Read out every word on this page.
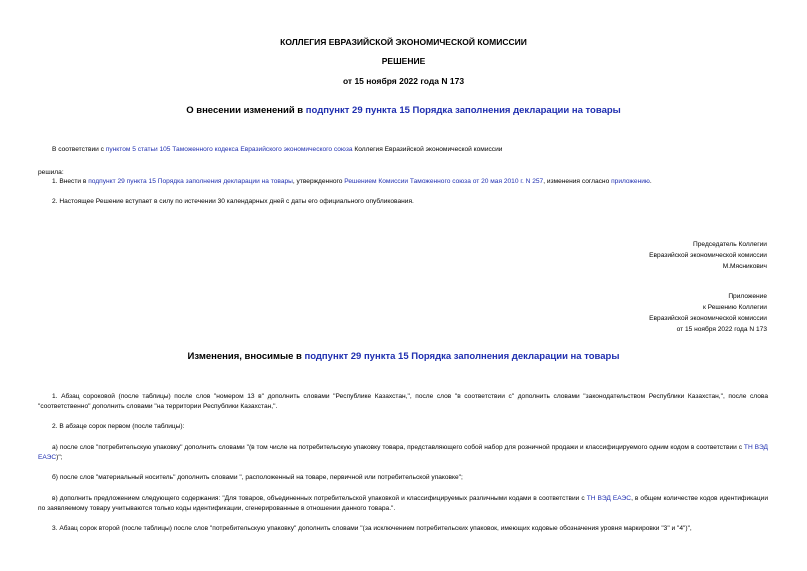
КОЛЛЕГИЯ ЕВРАЗИЙСКОЙ ЭКОНОМИЧЕСКОЙ КОМИССИИ
РЕШЕНИЕ
от 15 ноября 2022 года N 173
О внесении изменений в подпункт 29 пункта 15 Порядка заполнения декларации на товары
В соответствии с пунктом 5 статьи 105 Таможенного кодекса Евразийского экономического союза Коллегия Евразийской экономической комиссии
решила:
1. Внести в подпункт 29 пункта 15 Порядка заполнения декларации на товары, утвержденного Решением Комиссии Таможенного союза от 20 мая 2010 г. N 257, изменения согласно приложению.
2. Настоящее Решение вступает в силу по истечении 30 календарных дней с даты его официального опубликования.
Председатель Коллегии
Евразийской экономической комиссии
М.Мясникович
Приложение
к Решению Коллегии
Евразийской экономической комиссии
от 15 ноября 2022 года N 173
Изменения, вносимые в подпункт 29 пункта 15 Порядка заполнения декларации на товары
1. Абзац сороковой (после таблицы) после слов "номером 13 в" дополнить словами "Республике Казахстан,", после слов "в соответствии с" дополнить словами "законодательством Республики Казахстан,", после слова "соответственно" дополнить словами "на территории Республики Казахстан,".
2. В абзаце сорок первом (после таблицы):
а) после слов "потребительскую упаковку" дополнить словами "(в том числе на потребительскую упаковку товара, представляющего собой набор для розничной продажи и классифицируемого одним кодом в соответствии с ТН ВЭД ЕАЭС)";
б) после слов "материальный носитель" дополнить словами ", расположенный на товаре, первичной или потребительской упаковке";
в) дополнить предложением следующего содержания: "Для товаров, объединенных потребительской упаковкой и классифицируемых различными кодами в соответствии с ТН ВЭД ЕАЭС, в общем количестве кодов идентификации по заявляемому товару учитываются только коды идентификации, сгенерированные в отношении данного товара.".
3. Абзац сорок второй (после таблицы) после слов "потребительскую упаковку" дополнить словами "(за исключением потребительских упаковок, имеющих кодовые обозначения уровня маркировки "3" и "4")",
